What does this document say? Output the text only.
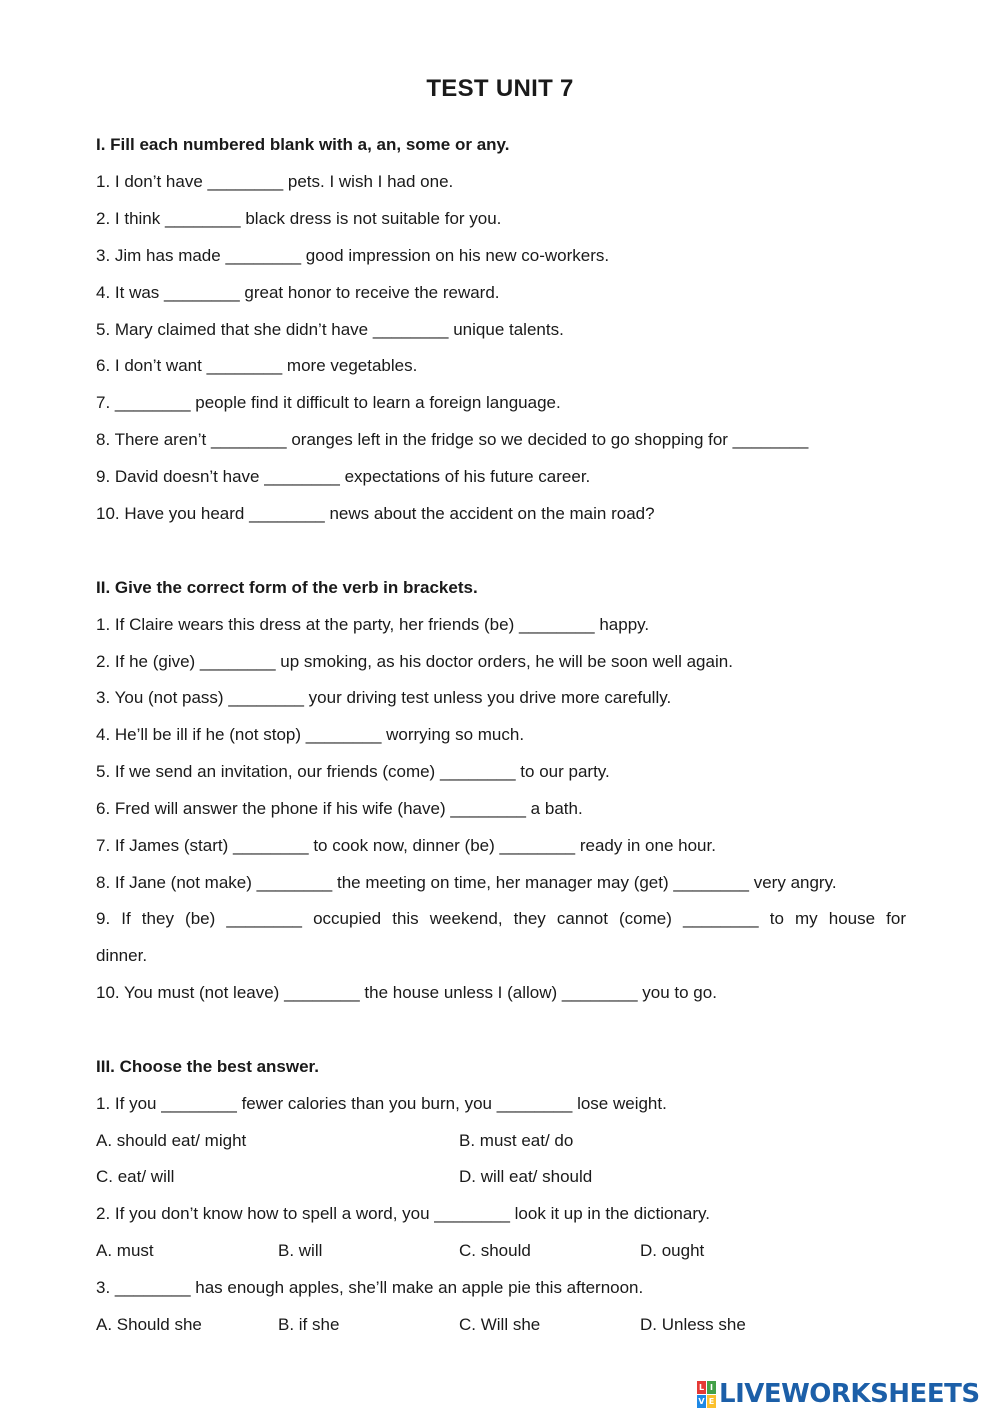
TEST UNIT 7
I. Fill each numbered blank with a, an, some or any.
1. I don’t have ________ pets. I wish I had one.
2. I think ________ black dress is not suitable for you.
3. Jim has made ________ good impression on his new co-workers.
4. It was ________ great honor to receive the reward.
5. Mary claimed that she didn’t have ________ unique talents.
6. I don’t want ________ more vegetables.
7. ________ people find it difficult to learn a foreign language.
8. There aren’t ________ oranges left in the fridge so we decided to go shopping for ________
9. David doesn’t have ________ expectations of his future career.
10. Have you heard ________ news about the accident on the main road?
II. Give the correct form of the verb in brackets.
1. If Claire wears this dress at the party, her friends (be) ________ happy.
2. If he (give) ________ up smoking, as his doctor orders, he will be soon well again.
3. You (not pass) ________ your driving test unless you drive more carefully.
4. He’ll be ill if he (not stop) ________ worrying so much.
5. If we send an invitation, our friends (come) ________ to our party.
6. Fred will answer the phone if his wife (have) ________ a bath.
7. If James (start) ________ to cook now, dinner (be) ________ ready in one hour.
8. If Jane (not make) ________ the meeting on time, her manager may (get) ________ very angry.
9. If they (be) ________ occupied this weekend, they cannot (come) ________ to my house for
dinner.
10. You must (not leave) ________ the house unless I (allow) ________ you to go.
III. Choose the best answer.
1. If you ________ fewer calories than you burn, you ________ lose weight.
A. should eat/ might	B. must eat/ do
C. eat/ will	D. will eat/ should
2. If you don’t know how to spell a word, you ________ look it up in the dictionary.
A. must	B. will	C. should	D. ought
3. ________ has enough apples, she’ll make an apple pie this afternoon.
A. Should she	B. if she	C. Will she	D. Unless she
L I
V E LIVEWORKSHEETS
